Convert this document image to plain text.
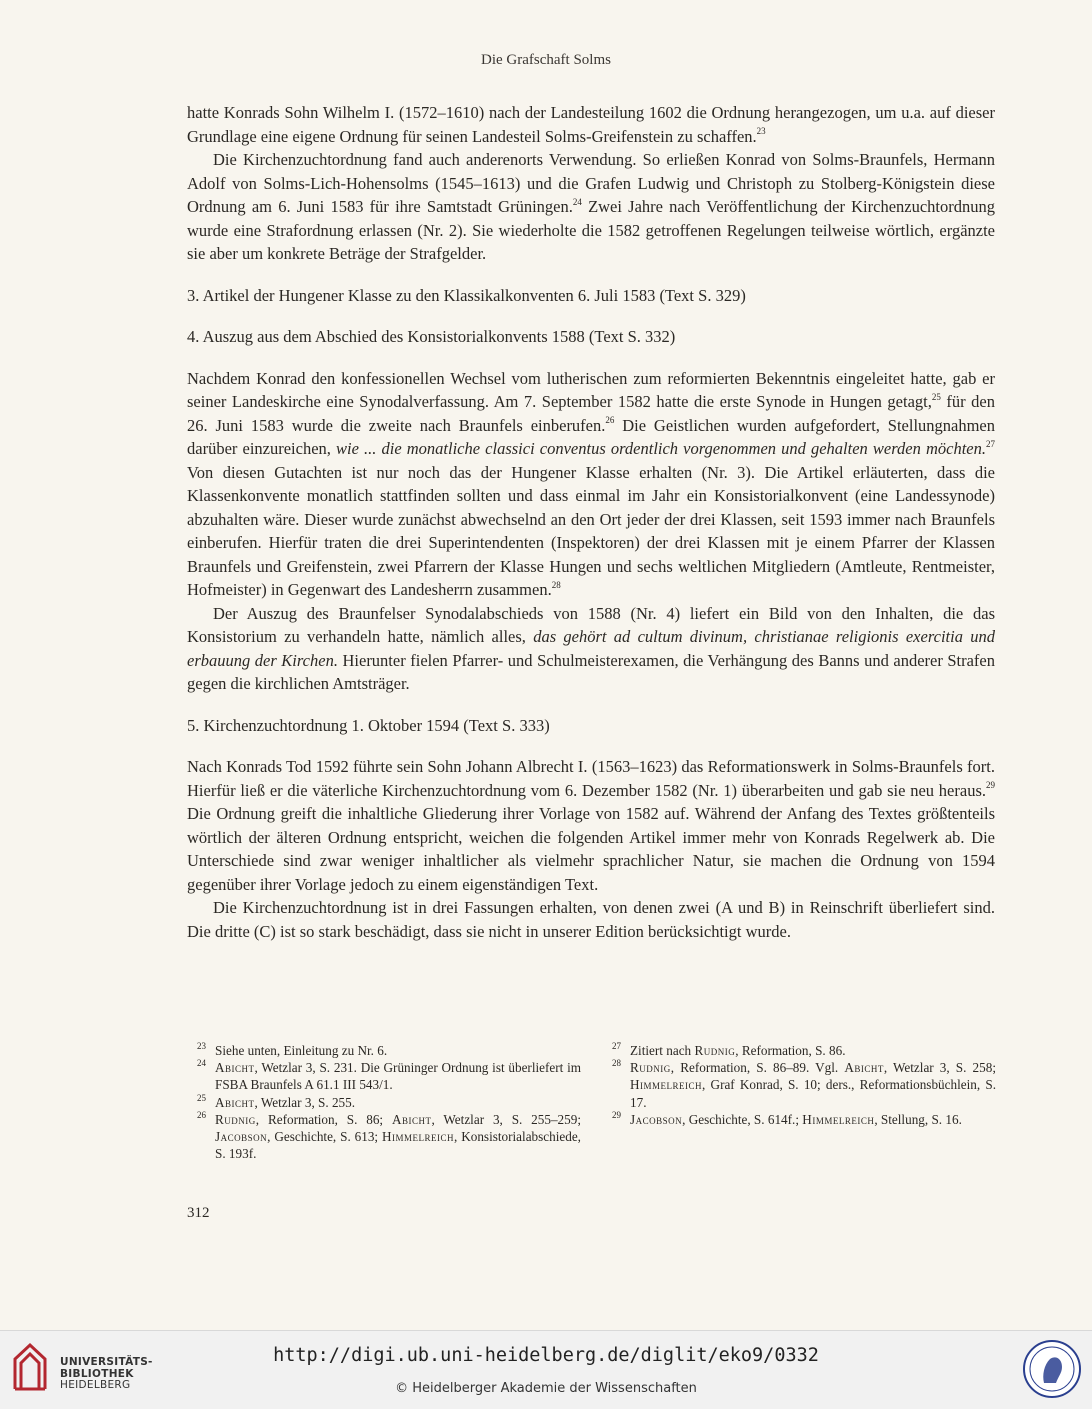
Die Grafschaft Solms

hatte Konrads Sohn Wilhelm I. (1572–1610) nach der Landesteilung 1602 die Ordnung herangezogen, um u.a. auf dieser Grundlage eine eigene Ordnung für seinen Landesteil Solms-Greifenstein zu schaffen.$^{23}$

Die Kirchenzuchtordnung fand auch anderenorts Verwendung. So erließen Konrad von Solms-Braunfels, Hermann Adolf von Solms-Lich-Hohensolms (1545–1613) und die Grafen Ludwig und Christoph zu Stolberg-Königstein diese Ordnung am 6. Juni 1583 für ihre Samtstadt Grüningen.$^{24}$ Zwei Jahre nach Veröffentlichung der Kirchenzuchtordnung wurde eine Strafordnung erlassen (Nr. 2). Sie wiederholte die 1582 getroffenen Regelungen teilweise wörtlich, ergänzte sie aber um konkrete Beträge der Strafgelder.

3. Artikel der Hungener Klasse zu den Klassikalkonventen 6. Juli 1583 (Text S. 329)

4. Auszug aus dem Abschied des Konsistorialkonvents 1588 (Text S. 332)

Nachdem Konrad den konfessionellen Wechsel vom lutherischen zum reformierten Bekenntnis eingeleitet hatte, gab er seiner Landeskirche eine Synodalverfassung. Am 7. September 1582 hatte die erste Synode in Hungen getagt,$^{25}$ für den 26. Juni 1583 wurde die zweite nach Braunfels einberufen.$^{26}$ Die Geistlichen wurden aufgefordert, Stellungnahmen darüber einzureichen, wie ... die monatliche classici conventus ordentlich vorgenommen und gehalten werden möchten.$^{27}$ Von diesen Gutachten ist nur noch das der Hungener Klasse erhalten (Nr. 3). Die Artikel erläuterten, dass die Klassenkonvente monatlich stattfinden sollten und dass einmal im Jahr ein Konsistorialkonvent (eine Landessynode) abzuhalten wäre. Dieser wurde zunächst abwechselnd an den Ort jeder der drei Klassen, seit 1593 immer nach Braunfels einberufen. Hierfür traten die drei Superintendenten (Inspektoren) der drei Klassen mit je einem Pfarrer der Klassen Braunfels und Greifenstein, zwei Pfarrern der Klasse Hungen und sechs weltlichen Mitgliedern (Amtleute, Rentmeister, Hofmeister) in Gegenwart des Landesherrn zusammen.$^{28}$

Der Auszug des Braunfelser Synodalabschieds von 1588 (Nr. 4) liefert ein Bild von den Inhalten, die das Konsistorium zu verhandeln hatte, nämlich alles, das gehört ad cultum divinum, christianae religionis exercitia und erbauung der Kirchen. Hierunter fielen Pfarrer- und Schulmeisterexamen, die Verhängung des Banns und anderer Strafen gegen die kirchlichen Amtsträger.

5. Kirchenzuchtordnung 1. Oktober 1594 (Text S. 333)

Nach Konrads Tod 1592 führte sein Sohn Johann Albrecht I. (1563–1623) das Reformationswerk in Solms-Braunfels fort. Hierfür ließ er die väterliche Kirchenzuchtordnung vom 6. Dezember 1582 (Nr. 1) überarbeiten und gab sie neu heraus.$^{29}$ Die Ordnung greift die inhaltliche Gliederung ihrer Vorlage von 1582 auf. Während der Anfang des Textes größtenteils wörtlich der älteren Ordnung entspricht, weichen die folgenden Artikel immer mehr von Konrads Regelwerk ab. Die Unterschiede sind zwar weniger inhaltlicher als vielmehr sprachlicher Natur, sie machen die Ordnung von 1594 gegenüber ihrer Vorlage jedoch zu einem eigenständigen Text.

Die Kirchenzuchtordnung ist in drei Fassungen erhalten, von denen zwei (A und B) in Reinschrift überliefert sind. Die dritte (C) ist so stark beschädigt, dass sie nicht in unserer Edition berücksichtigt wurde.

23 Siehe unten, Einleitung zu Nr. 6.
24 Abicht, Wetzlar 3, S. 231. Die Grüninger Ordnung ist überliefert im FSBA Braunfels A 61.1 III 543/1.
25 Abicht, Wetzlar 3, S. 255.
26 Rudnig, Reformation, S. 86; Abicht, Wetzlar 3, S. 255–259; Jacobson, Geschichte, S. 613; Himmelreich, Konsistorialabschiede, S. 193f.
27 Zitiert nach Rudnig, Reformation, S. 86.
28 Rudnig, Reformation, S. 86–89. Vgl. Abicht, Wetzlar 3, S. 258; Himmelreich, Graf Konrad, S. 10; ders., Reformationsbüchlein, S. 17.
29 Jacobson, Geschichte, S. 614f.; Himmelreich, Stellung, S. 16.
312
UNIVERSITÄTS-
BIBLIOTHEK
HEIDELBERG
http://digi.ub.uni-heidelberg.de/diglit/eko9/0332
© Heidelberger Akademie der Wissenschaften
